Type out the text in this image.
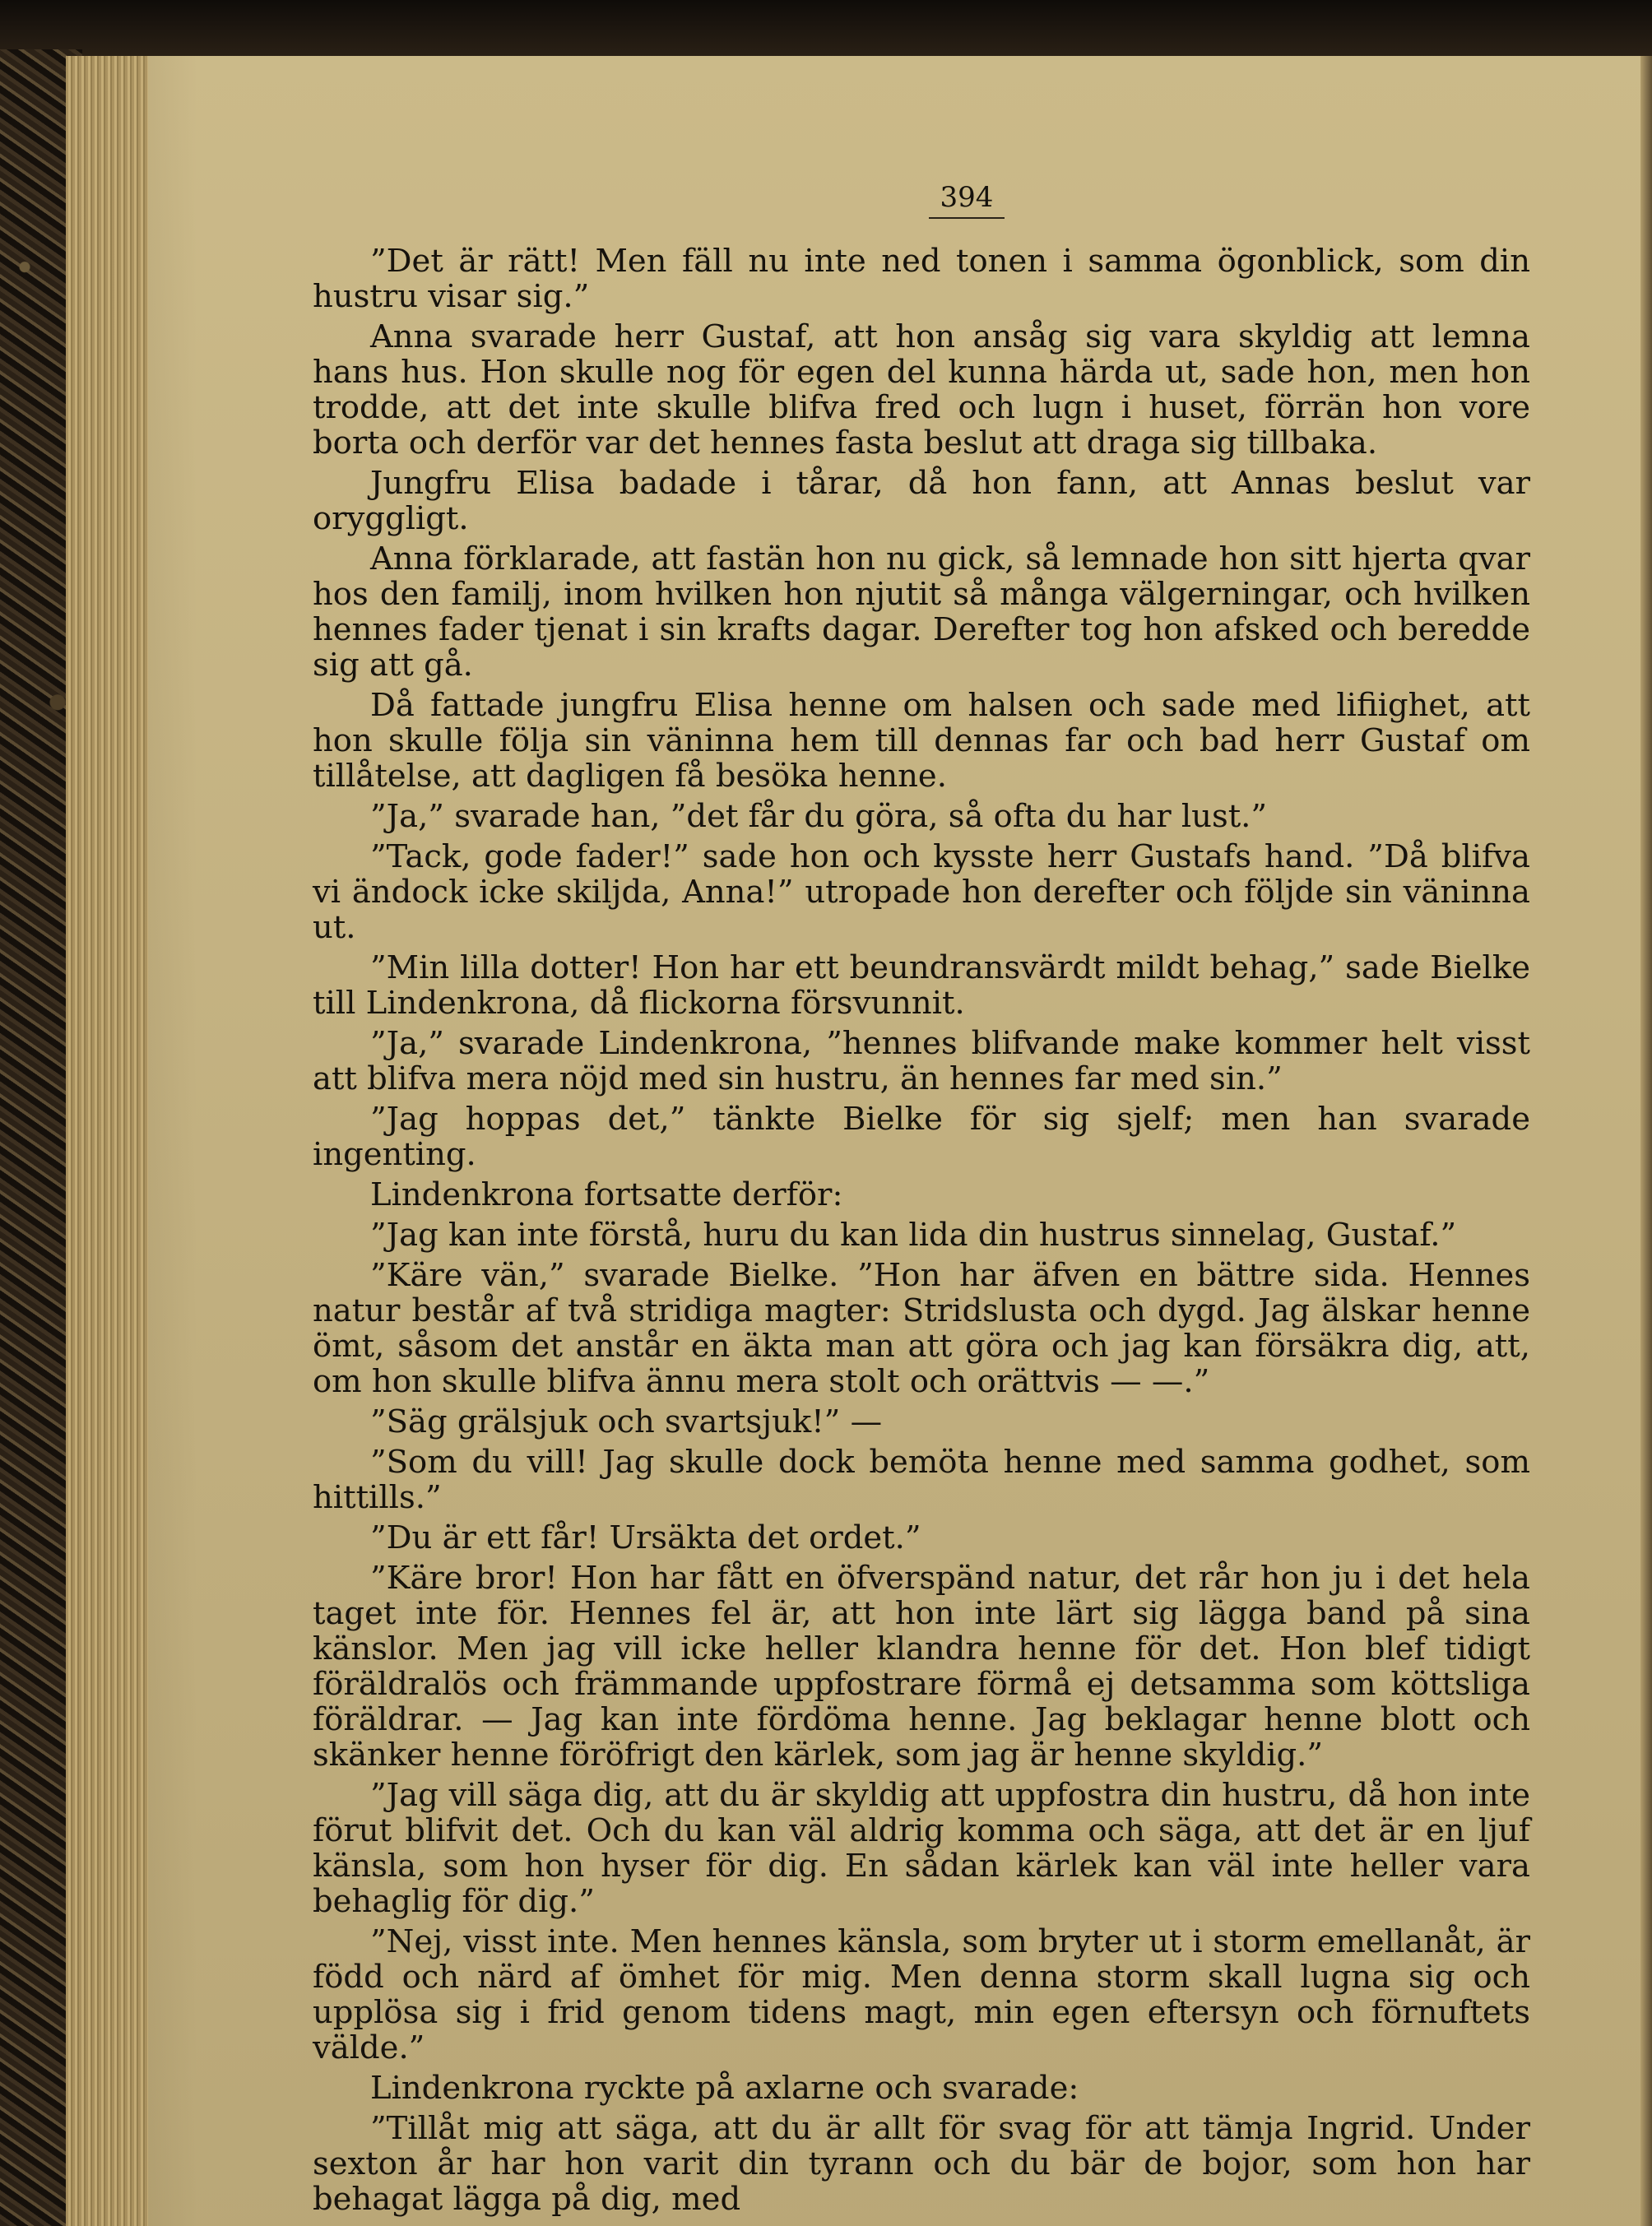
394

”Det är rätt! Men fäll nu inte ned tonen i samma ögonblick, som din hustru visar sig.”

Anna svarade herr Gustaf, att hon ansåg sig vara skyldig att lemna hans hus. Hon skulle nog för egen del kunna härda ut, sade hon, men hon trodde, att det inte skulle blifva fred och lugn i huset, förrän hon vore borta och derför var det hennes fasta beslut att draga sig tillbaka.

Jungfru Elisa badade i tårar, då hon fann, att Annas beslut var oryggligt.

Anna förklarade, att fastän hon nu gick, så lemnade hon sitt hjerta qvar hos den familj, inom hvilken hon njutit så många välgerningar, och hvilken hennes fader tjenat i sin krafts dagar. Derefter tog hon afsked och beredde sig att gå.

Då fattade jungfru Elisa henne om halsen och sade med lifiighet, att hon skulle följa sin väninna hem till dennas far och bad herr Gustaf om tillåtelse, att dagligen få besöka henne.

”Ja,” svarade han, ”det får du göra, så ofta du har lust.”

”Tack, gode fader!” sade hon och kysste herr Gustafs hand. ”Då blifva vi ändock icke skiljda, Anna!” utropade hon derefter och följde sin väninna ut.

”Min lilla dotter! Hon har ett beundransvärdt mildt behag,” sade Bielke till Lindenkrona, då flickorna försvunnit.

”Ja,” svarade Lindenkrona, ”hennes blifvande make kommer helt visst att blifva mera nöjd med sin hustru, än hennes far med sin.”

”Jag hoppas det,” tänkte Bielke för sig sjelf; men han svarade ingenting.

Lindenkrona fortsatte derför:

”Jag kan inte förstå, huru du kan lida din hustrus sinnelag, Gustaf.”

”Käre vän,” svarade Bielke. ”Hon har äfven en bättre sida. Hennes natur består af två stridiga magter: Stridslusta och dygd. Jag älskar henne ömt, såsom det anstår en äkta man att göra och jag kan försäkra dig, att, om hon skulle blifva ännu mera stolt och orättvis — —.”

”Säg grälsjuk och svartsjuk!” —

”Som du vill! Jag skulle dock bemöta henne med samma godhet, som hittills.”

”Du är ett får! Ursäkta det ordet.”

”Käre bror! Hon har fått en öfverspänd natur, det rår hon ju i det hela taget inte för. Hennes fel är, att hon inte lärt sig lägga band på sina känslor. Men jag vill icke heller klandra henne för det. Hon blef tidigt föräldralös och främmande uppfostrare förmå ej detsamma som köttsliga föräldrar. — Jag kan inte fördöma henne. Jag beklagar henne blott och skänker henne föröfrigt den kärlek, som jag är henne skyldig.”

”Jag vill säga dig, att du är skyldig att uppfostra din hustru, då hon inte förut blifvit det. Och du kan väl aldrig komma och säga, att det är en ljuf känsla, som hon hyser för dig. En sådan kärlek kan väl inte heller vara behaglig för dig.”

”Nej, visst inte. Men hennes känsla, som bryter ut i storm emellanåt, är född och närd af ömhet för mig. Men denna storm skall lugna sig och upplösa sig i frid genom tidens magt, min egen eftersyn och förnuftets välde.”

Lindenkrona ryckte på axlarne och svarade:

”Tillåt mig att säga, att du är allt för svag för att tämja Ingrid. Under sexton år har hon varit din tyrann och du bär de bojor, som hon har behagat lägga på dig, med
